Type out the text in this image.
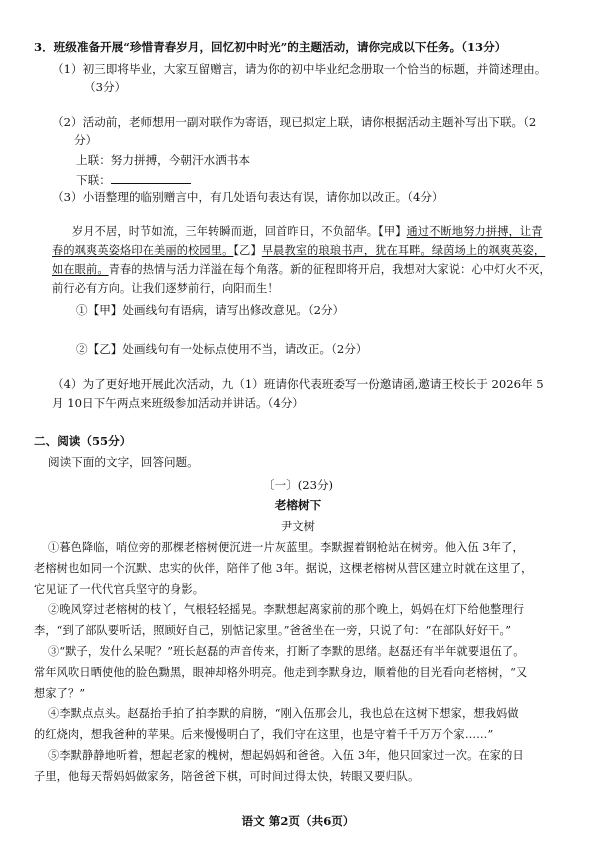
3．班级准备开展“珍惜青春岁月，回忆初中时光”的主题活动，请你完成以下任务。（13分）
（1）初三即将毕业，大家互留赠言，请为你的初中毕业纪念册取一个恰当的标题，并简述理由。
（3分）
（2）活动前，老师想用一副对联作为寄语，现已拟定上联，请你根据活动主题补写出下联。（2
分）
上联：努力拼搏，今朝汗水洒书本
下联：
（3）小语整理的临别赠言中，有几处语句表达有误，请你加以改正。（4分）
岁月不居，时节如流，三年转瞬而逝，回首昨日，不负韶华。【甲】通过不断地努力拼搏，让青
春的飒爽英姿烙印在美丽的校园里。【乙】早晨教室的琅琅书声，犹在耳畔。绿茵场上的飒爽英姿，
如在眼前。青春的热情与活力洋溢在每个角落。新的征程即将开启，我想对大家说：心中灯火不灭，
前行必有方向。让我们逐梦前行，向阳而生！
①【甲】处画线句有语病，请写出修改意见。（2分）
②【乙】处画线句有一处标点使用不当，请改正。（2分）
（4）为了更好地开展此次活动，九（1）班请你代表班委写一份邀请函,邀请王校长于 2026年 5
月 10日下午两点来班级参加活动并讲话。（4分）
二、阅读（55分）
阅读下面的文字，回答问题。
〔一〕(23分)
老榕树下
尹文树
①暮色降临，哨位旁的那棵老榕树便沉进一片灰蓝里。李默握着钢枪站在树旁。他入伍 3年了，
老榕树也如同一个沉默、忠实的伙伴，陪伴了他 3年。据说，这棵老榕树从营区建立时就在这里了，
它见证了一代代官兵坚守的身影。
②晚风穿过老榕树的枝丫，气根轻轻摇晃。李默想起离家前的那个晚上，妈妈在灯下给他整理行
李，“到了部队要听话，照顾好自己，别惦记家里。”爸爸坐在一旁，只说了句：“在部队好好干。”
③“默子，发什么呆呢？”班长赵磊的声音传来，打断了李默的思绪。赵磊还有半年就要退伍了。
常年风吹日晒使他的脸色黝黑，眼神却格外明亮。他走到李默身边，顺着他的目光看向老榕树，“又
想家了？”
④李默点点头。赵磊抬手拍了拍李默的肩膀，“刚入伍那会儿，我也总在这树下想家，想我妈做
的红烧肉，想我爸种的苹果。后来慢慢明白了，我们守在这里，也是守着千千万万个家……”
⑤李默静静地听着，想起老家的槐树，想起妈妈和爸爸。入伍 3年，他只回家过一次。在家的日
子里，他每天帮妈妈做家务，陪爸爸下棋，可时间过得太快，转眼又要归队。
语文 第2页（共6页）
